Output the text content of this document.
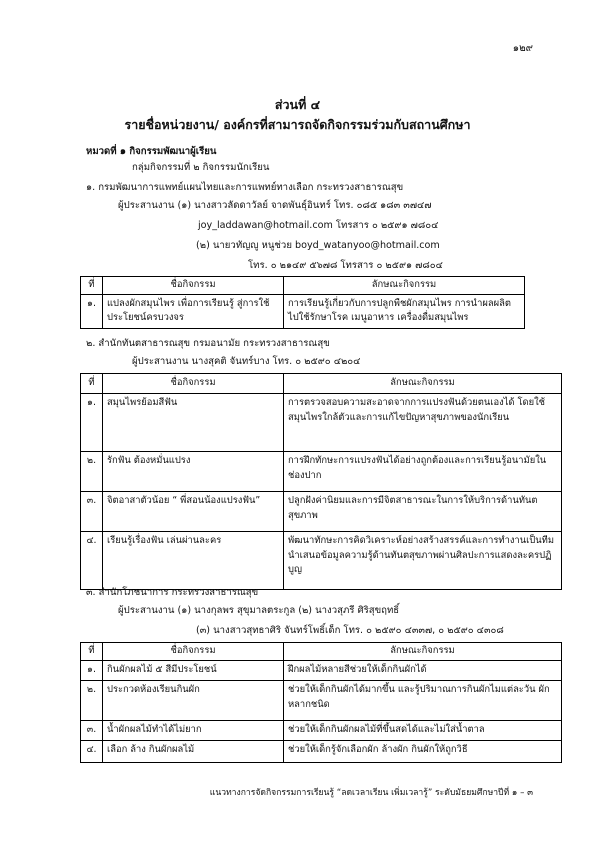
๑๒๙
ส่วนที่ ๔
รายชื่อหน่วยงาน/ องค์กรที่สามารถจัดกิจกรรมร่วมกับสถานศึกษา
หมวดที่ ๑ กิจกรรมพัฒนาผู้เรียน
กลุ่มกิจกรรมที่ ๒ กิจกรรมนักเรียน
๑. กรมพัฒนาการแพทย์แผนไทยและการแพทย์ทางเลือก กระทรวงสาธารณสุข
ผู้ประสานงาน (๑) นางสาวลัดดาวัลย์ จาดพันธุ์อินทร์ โทร. ๐๘๕ ๑๘๓ ๓๗๔๗
joy_laddawan@hotmail.com โทรสาร ๐ ๒๕๙๑ ๗๘๐๔
(๒) นายวทัญญู หนูช่วย boyd_watanyoo@hotmail.com
โทร. ๐ ๒๑๔๙ ๕๖๗๘ โทรสาร ๐ ๒๕๙๑ ๗๘๐๔
ที่	ชื่อกิจกรรม	ลักษณะกิจกรรม
๑.	แปลงผักสมุนไพร เพื่อการเรียนรู้ สู่การใช้ประโยชน์ครบวงจร	การเรียนรู้เกี่ยวกับการปลูกพืชผักสมุนไพร การนำผลผลิตไปใช้รักษาโรค เมนูอาหาร เครื่องดื่มสมุนไพร
๒. สำนักทันตสาธารณสุข กรมอนามัย กระทรวงสาธารณสุข
ผู้ประสานงาน นางสุคติ จันทร์บาง โทร. ๐ ๒๕๙๐ ๔๒๐๔
ที่	ชื่อกิจกรรม	ลักษณะกิจกรรม
๑.	สมุนไพรย้อมสีฟัน	การตรวจสอบความสะอาดจากการแปรงฟันด้วยตนเองได้ โดยใช้สมุนไพรใกล้ตัวและการแก้ไขปัญหาสุขภาพของนักเรียน
๒.	รักฟัน ต้องหมั่นแปรง	การฝึกทักษะการแปรงฟันได้อย่างถูกต้องและการเรียนรู้อนามัยในช่องปาก
๓.	จิตอาสาตัวน้อย “ พี่สอนน้องแปรงฟัน”	ปลูกฝังค่านิยมและการมีจิตสาธารณะในการให้บริการด้านทันตสุขภาพ
๔.	เรียนรู้เรื่องฟัน เล่นผ่านละคร	พัฒนาทักษะการคิดวิเคราะห์อย่างสร้างสรรค์และการทำงานเป็นทีม นำเสนอข้อมูลความรู้ด้านทันตสุขภาพผ่านศิลปะการแสดงละครปฏิบูญ
๓. สำนักโภชนาการ กระทรวงสาธารณสุข
ผู้ประสานงาน (๑) นางกุลพร สุขุมาลตระกูล (๒) นางวสุภรี ศิริสุขฤทธิ์
(๓) นางสาวสุทธาศิริ จันทร์โพธิ์เด็ก โทร. ๐ ๒๕๙๐ ๔๓๓๗, ๐ ๒๕๙๐ ๔๓๐๘
ที่	ชื่อกิจกรรม	ลักษณะกิจกรรม
๑.	กินผักผลไม้ ๕ สีมีประโยชน์	ฝึกผลไม้หลายสีช่วยให้เด็กกินผักได้
๒.	ประกวดห้องเรียนกินผัก	ช่วยให้เด็กกินผักได้มากขึ้น และรู้ปริมาณการกินผักไมแต่ละวัน ผักหลากชนิด
๓.	น้ำผักผลไม้ทำได้ไม่ยาก	ช่วยให้เด็กกินผักผลไม้ที่ขึ้นสดได้และไม่ใส่น้ำตาล
๔.	เลือก ล้าง กินผักผลไม้	ช่วยให้เด็กรู้จักเลือกผัก ล้างผัก กินผักให้ถูกวิธี
แนวทางการจัดกิจกรรมการเรียนรู้ “ลดเวลาเรียน เพิ่มเวลารู้” ระดับมัธยมศึกษาปีที่ ๑ – ๓
